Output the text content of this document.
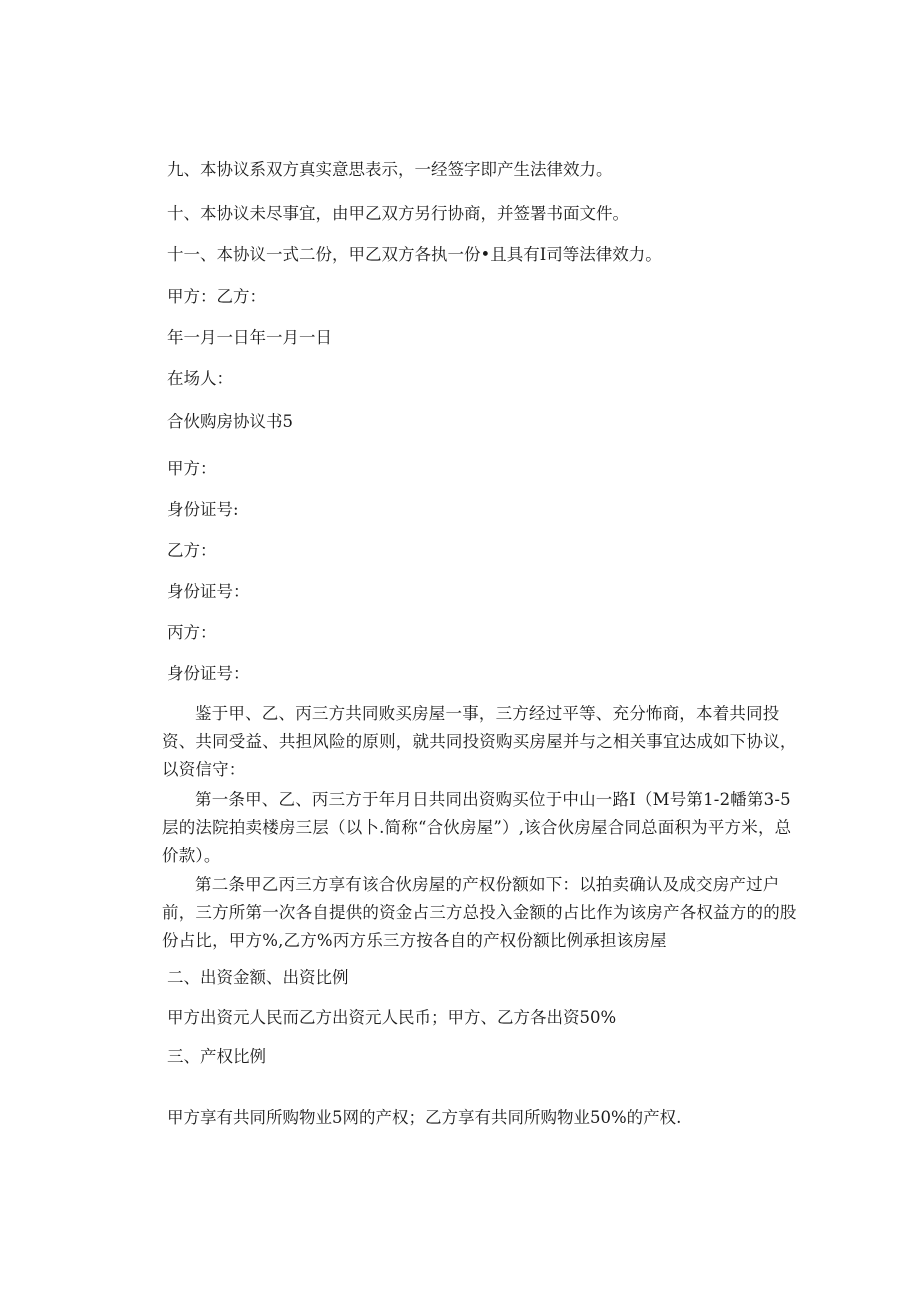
九、本协议系双方真实意思表示，一经签字即产生法律效力。

十、本协议未尽事宜，由甲乙双方另行协商，并签署书面文件。

十一、本协议一式二份，甲乙双方各执一份•且具有I司等法律效力。

甲方：乙方：

年一月一日年一月一日

在场人：

合伙购房协议书5

甲方：

身份证号:

乙方：

身份证号：

丙方：

身份证号：

鉴于甲、乙、丙三方共同败买房屋一事，三方经过平等、充分怖商，本着共同投资、共同受益、共担风险的原则，就共同投资购买房屋并与之相关事宜达成如下协议，以资信守：

第一条甲、乙、丙三方于年月日共同出资购买位于中山一路I（M号第1-2幡第3-5层的法院拍卖楼房三层（以卜.简称“合伙房屋”）,该合伙房屋合同总面积为平方米，总价款）。

第二条甲乙丙三方享有该合伙房屋的产权份额如下：以拍卖确认及成交房产过户前，三方所第一次各自提供的资金占三方总投入金额的占比作为该房产各权益方的的股份占比，甲方%,乙方%丙方乐三方按各自的产权份额比例承担该房屋

二、出资金额、出资比例

甲方出资元人民而乙方出资元人民币；甲方、乙方各出资50%

三、产权比例

甲方享有共同所购物业5网的产权；乙方享有共同所购物业50%的产权.
